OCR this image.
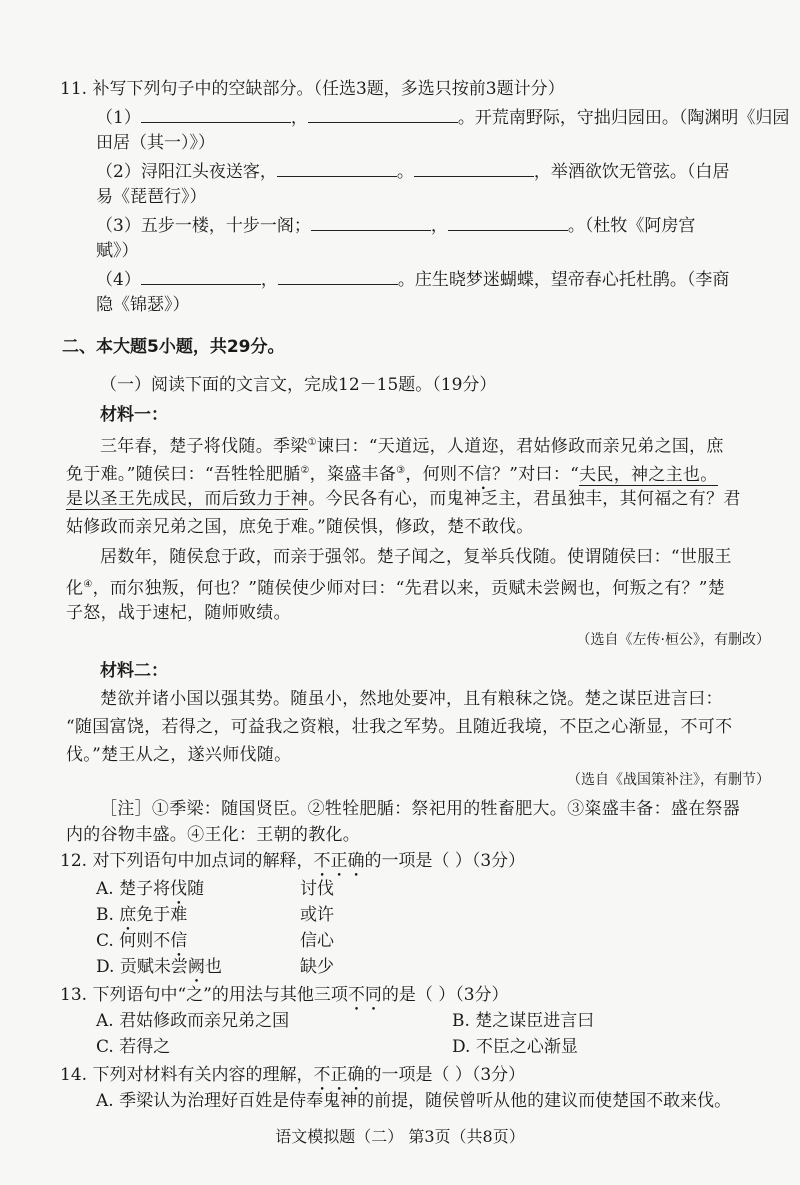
11. 补写下列句子中的空缺部分。（任选3题，多选只按前3题计分）
（1）	，	。开荒南野际，守拙归园田。（陶渊明《归园
田居（其一）》）
（2）浔阳江头夜送客，	。	，举酒欲饮无管弦。（白居
易《琵琶行》）
（3）五步一楼，十步一阁；	，	。（杜牧《阿房宫
赋》）
（4）	，	。庄生晓梦迷蝴蝶，望帝春心托杜鹃。（李商
隐《锦瑟》）
二、本大题5小题，共29分。
（一）阅读下面的文言文，完成12－15题。（19分）
材料一：
三年春，楚子将伐随。季梁①谏曰：“天道远，人道迩，君姑修政而亲兄弟之国，庶
免于难。”随侯曰：“吾牲牷肥腯②，粢盛丰备③，何则不信？”对曰：“夫民，神之主也。
是以圣王先成民，而后致力于神。今民各有心，而鬼神乏主，君虽独丰，其何福之有？君
姑修政而亲兄弟之国，庶免于难。”随侯惧，修政，楚不敢伐。
居数年，随侯怠于政，而亲于强邻。楚子闻之，复举兵伐随。使谓随侯曰：“世服王
化④，而尔独叛，何也？”随侯使少师对曰：“先君以来，贡赋未尝阙也，何叛之有？”楚
子怒，战于速杞，随师败绩。
（选自《左传·桓公》，有删改）
材料二：
楚欲并诸小国以强其势。随虽小，然地处要冲，且有粮秣之饶。楚之谋臣进言曰：
“随国富饶，若得之，可益我之资粮，壮我之军势。且随近我境，不臣之心渐显，不可不
伐。”楚王从之，遂兴师伐随。
（选自《战国策补注》，有删节）
［注］①季梁：随国贤臣。②牲牷肥腯：祭祀用的牲畜肥大。③粢盛丰备：盛在祭器
内的谷物丰盛。④王化：王朝的教化。
12. 对下列语句中加点词的解释，不正确的一项是（ ）（3分）
A. 楚子将伐随	讨伐
B. 庶免于难	或许
C. 何则不信	信心
D. 贡赋未尝阙也	缺少
13. 下列语句中“之”的用法与其他三项不同的是（ ）（3分）
A. 君姑修政而亲兄弟之国	B. 楚之谋臣进言曰
C. 若得之	D. 不臣之心渐显
14. 下列对材料有关内容的理解，不正确的一项是（ ）（3分）
A. 季梁认为治理好百姓是侍奉鬼神的前提，随侯曾听从他的建议而使楚国不敢来伐。
语文模拟题（二） 第3页（共8页）
